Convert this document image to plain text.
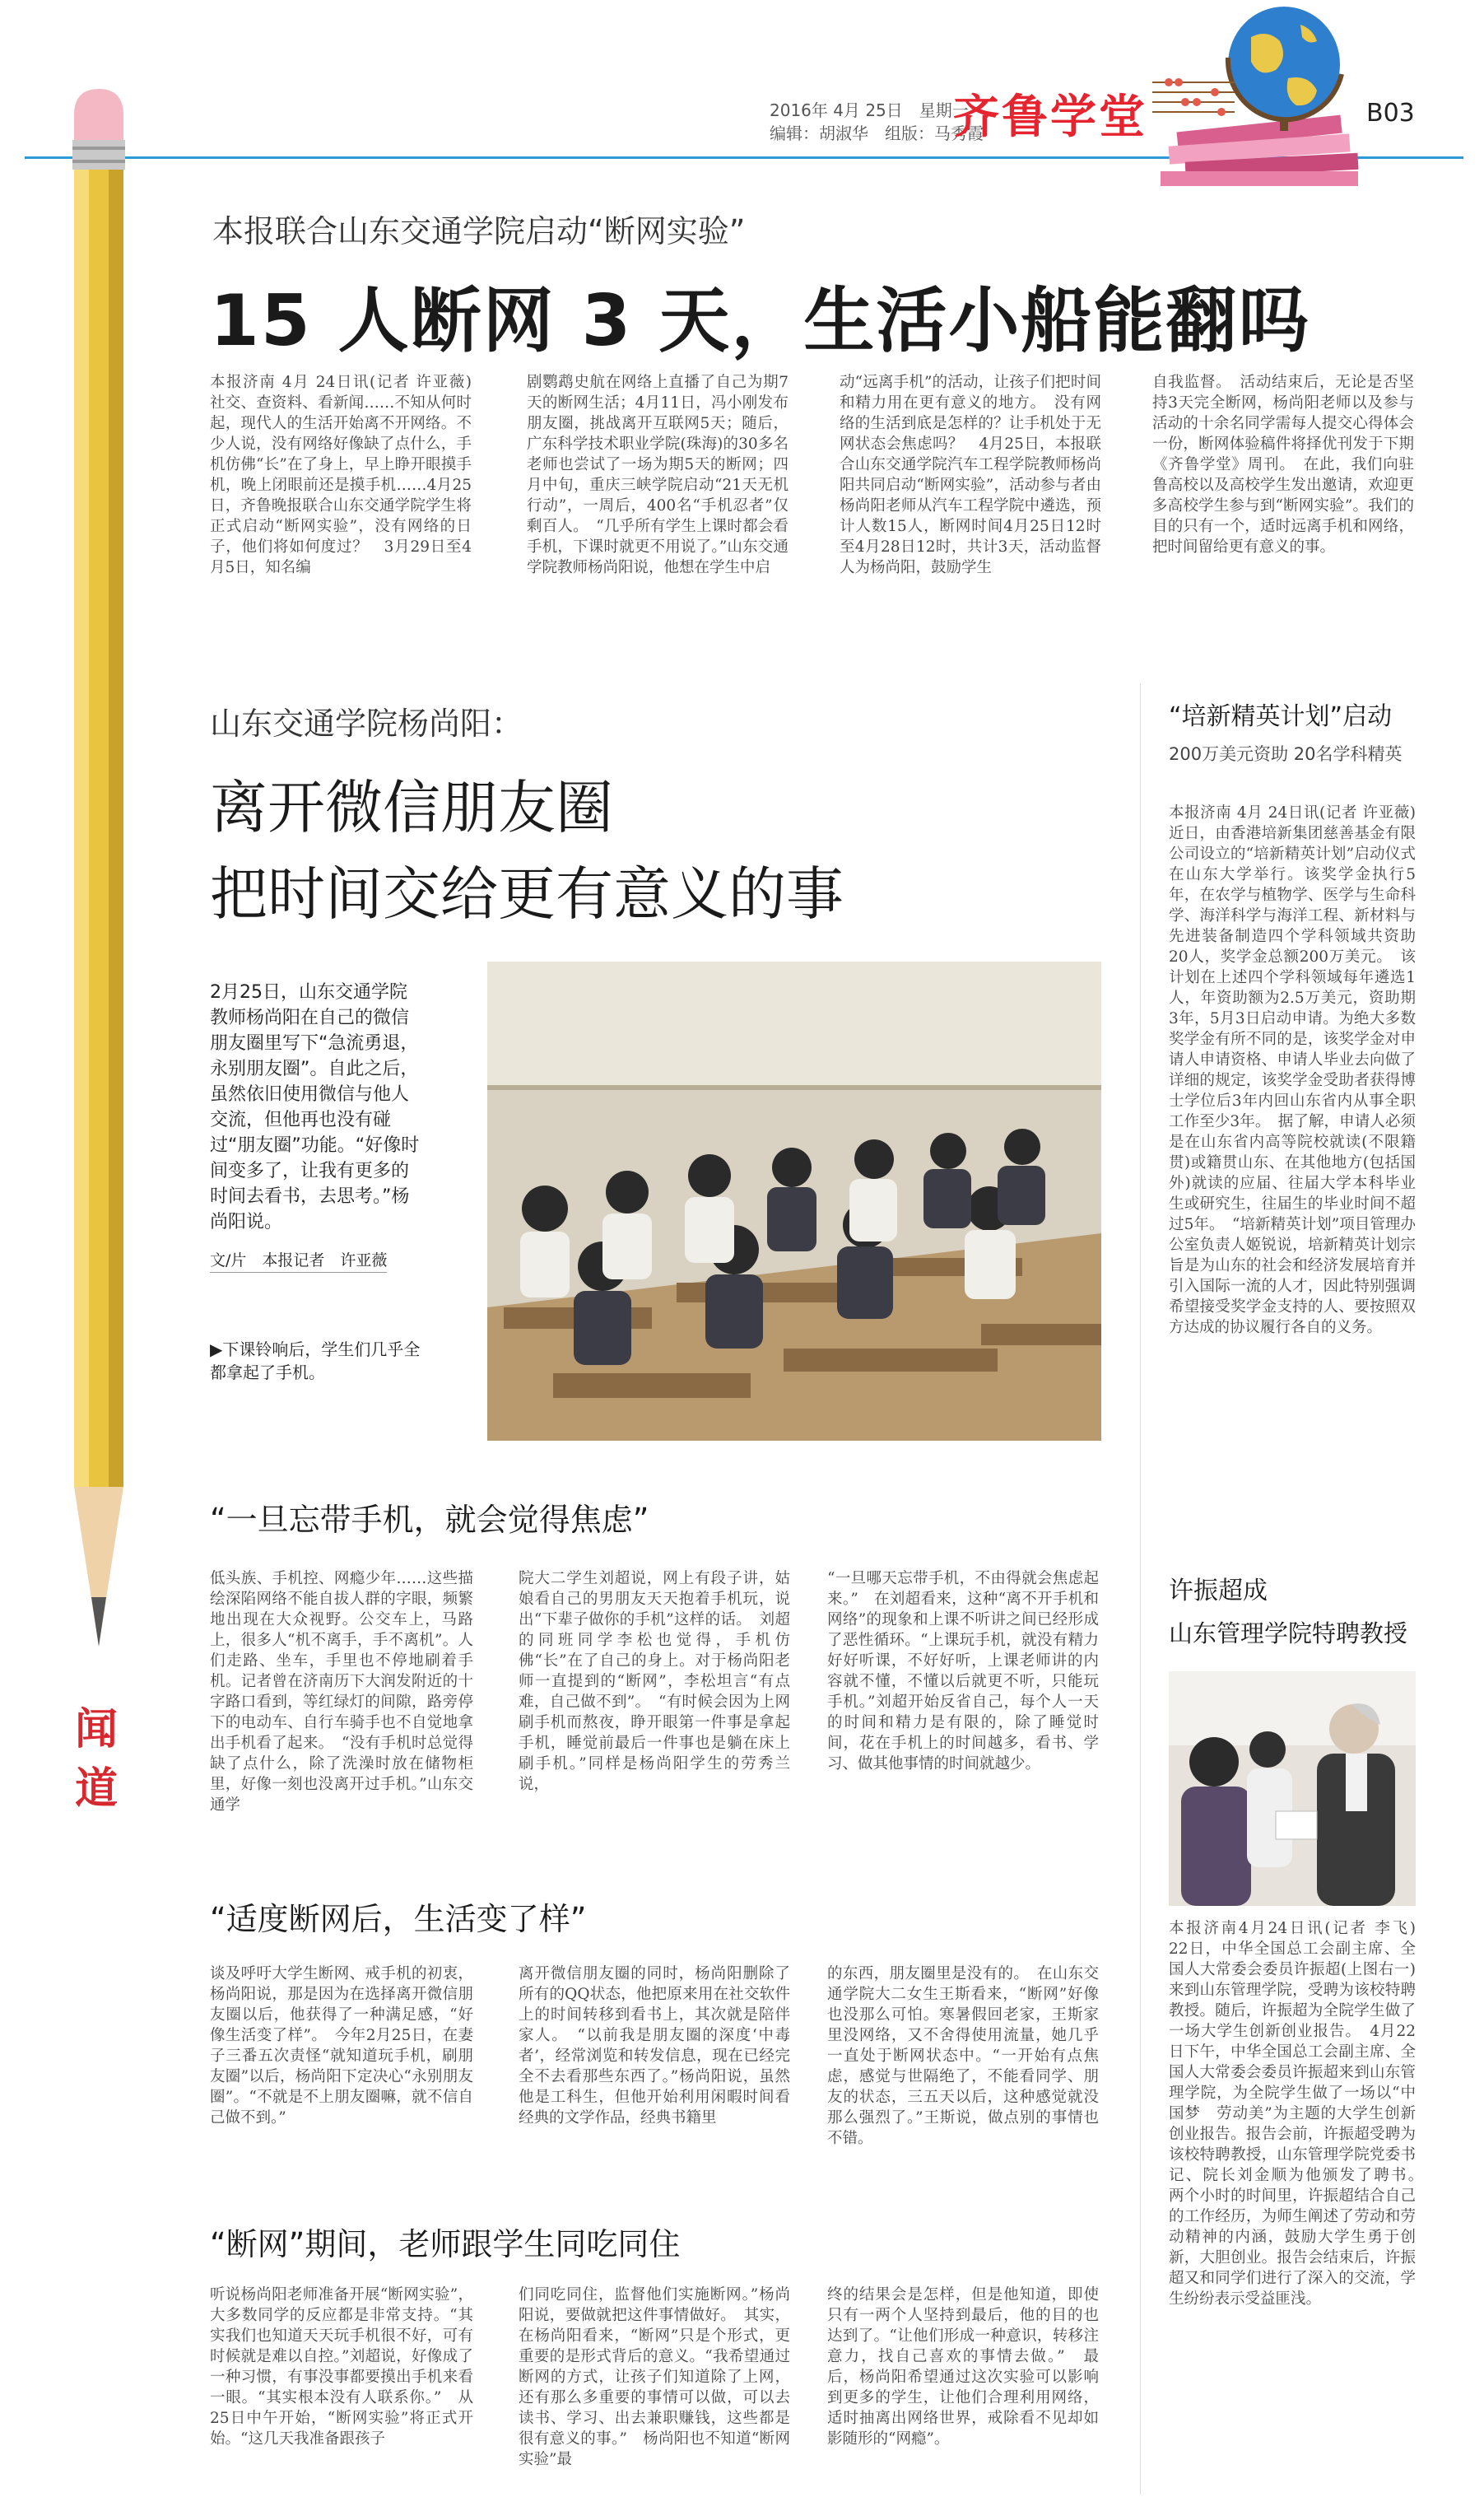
2016年 4月 25日　星期一
编辑：胡淑华　组版：马秀霞
齐鲁学堂	B03
闻道
本报联合山东交通学院启动“断网实验”
15 人断网 3 天，生活小船能翻吗
本报济南 4月 24日讯(记者 许亚薇)　社交、查资料、看新闻……不知从何时起，现代人的生活开始离不开网络。不少人说，没有网络好像缺了点什么，手机仿佛“长”在了身上，早上睁开眼摸手机，晚上闭眼前还是摸手机……4月25日，齐鲁晚报联合山东交通学院学生将正式启动“断网实验”，没有网络的日子，他们将如何度过？　3月29日至4月5日，知名编
剧鹦鹉史航在网络上直播了自己为期7天的断网生活；4月11日，冯小刚发布朋友圈，挑战离开互联网5天；随后，广东科学技术职业学院(珠海)的30多名老师也尝试了一场为期5天的断网；四月中旬，重庆三峡学院启动“21天无机行动”，一周后，400名“手机忍者”仅剩百人。　“几乎所有学生上课时都会看手机，下课时就更不用说了。”山东交通学院教师杨尚阳说，他想在学生中启
动“远离手机”的活动，让孩子们把时间和精力用在更有意义的地方。　没有网络的生活到底是怎样的？让手机处于无网状态会焦虑吗？　4月25日，本报联合山东交通学院汽车工程学院教师杨尚阳共同启动“断网实验”，活动参与者由杨尚阳老师从汽车工程学院中遴选，预计人数15人，断网时间4月25日12时至4月28日12时，共计3天，活动监督人为杨尚阳，鼓励学生
自我监督。　活动结束后，无论是否坚持3天完全断网，杨尚阳老师以及参与活动的十余名同学需每人提交心得体会一份，断网体验稿件将择优刊发于下期《齐鲁学堂》周刊。　在此，我们向驻鲁高校以及高校学生发出邀请，欢迎更多高校学生参与到“断网实验”。我们的目的只有一个，适时远离手机和网络，把时间留给更有意义的事。
山东交通学院杨尚阳：
离开微信朋友圈
把时间交给更有意义的事
2月25日，山东交通学院教师杨尚阳在自己的微信朋友圈里写下“急流勇退，永别朋友圈”。自此之后，虽然依旧使用微信与他人交流，但他再也没有碰过“朋友圈”功能。“好像时间变多了，让我有更多的时间去看书，去思考。”杨尚阳说。
文/片　本报记者　许亚薇
▶下课铃响后，学生们几乎全都拿起了手机。
“一旦忘带手机，就会觉得焦虑”
低头族、手机控、网瘾少年……这些描绘深陷网络不能自拔人群的字眼，频繁地出现在大众视野。公交车上，马路上，很多人“机不离手，手不离机”。人们走路、坐车，手里也不停地刷着手机。记者曾在济南历下大润发附近的十字路口看到，等红绿灯的间隙，路旁停下的电动车、自行车骑手也不自觉地拿出手机看了起来。　“没有手机时总觉得缺了点什么，除了洗澡时放在储物柜里，好像一刻也没离开过手机。”山东交通学
院大二学生刘超说，网上有段子讲，姑娘看自己的男朋友天天抱着手机玩，说出“下辈子做你的手机”这样的话。　刘超的同班同学李松也觉得，手机仿佛“长”在了自己的身上。对于杨尚阳老师一直提到的“断网”，李松坦言“有点难，自己做不到”。　“有时候会因为上网刷手机而熬夜，睁开眼第一件事是拿起手机，睡觉前最后一件事也是躺在床上刷手机。”同样是杨尚阳学生的劳秀兰说，
“一旦哪天忘带手机，不由得就会焦虑起来。”　在刘超看来，这种“离不开手机和网络”的现象和上课不听讲之间已经形成了恶性循环。“上课玩手机，就没有精力好好听课，不好好听，上课老师讲的内容就不懂，不懂以后就更不听，只能玩手机。”刘超开始反省自己，每个人一天的时间和精力是有限的，除了睡觉时间，花在手机上的时间越多，看书、学习、做其他事情的时间就越少。
“适度断网后，生活变了样”
谈及呼吁大学生断网、戒手机的初衷，杨尚阳说，那是因为在选择离开微信朋友圈以后，他获得了一种满足感，“好像生活变了样”。　今年2月25日，在妻子三番五次责怪“就知道玩手机，刷朋友圈”以后，杨尚阳下定决心“永别朋友圈”。“不就是不上朋友圈嘛，就不信自己做不到。”
离开微信朋友圈的同时，杨尚阳删除了所有的QQ状态，他把原来用在社交软件上的时间转移到看书上，其次就是陪伴家人。　“以前我是朋友圈的深度‘中毒者’，经常浏览和转发信息，现在已经完全不去看那些东西了。”杨尚阳说，虽然他是工科生，但他开始利用闲暇时间看经典的文学作品，经典书籍里
的东西，朋友圈里是没有的。　在山东交通学院大二女生王斯看来，“断网”好像也没那么可怕。寒暑假回老家，王斯家里没网络，又不舍得使用流量，她几乎一直处于断网状态中。“一开始有点焦虑，感觉与世隔绝了，不能看同学、朋友的状态，三五天以后，这种感觉就没那么强烈了。”王斯说，做点别的事情也不错。
“断网”期间，老师跟学生同吃同住
听说杨尚阳老师准备开展“断网实验”，大多数同学的反应都是非常支持。“其实我们也知道天天玩手机很不好，可有时候就是难以自控。”刘超说，好像成了一种习惯，有事没事都要摸出手机来看一眼。“其实根本没有人联系你。”　从25日中午开始，“断网实验”将正式开始。“这几天我准备跟孩子
们同吃同住，监督他们实施断网。”杨尚阳说，要做就把这件事情做好。　其实，在杨尚阳看来，“断网”只是个形式，更重要的是形式背后的意义。“我希望通过断网的方式，让孩子们知道除了上网，还有那么多重要的事情可以做，可以去读书、学习、出去兼职赚钱，这些都是很有意义的事。”　杨尚阳也不知道“断网实验”最
终的结果会是怎样，但是他知道，即使只有一两个人坚持到最后，他的目的也达到了。“让他们形成一种意识，转移注意力，找自己喜欢的事情去做。”　最后，杨尚阳希望通过这次实验可以影响到更多的学生，让他们合理利用网络，适时抽离出网络世界，戒除看不见却如影随形的“网瘾”。
“培新精英计划”启动
200万美元资助 20名学科精英
本报济南 4月 24日讯(记者 许亚薇)　近日，由香港培新集团慈善基金有限公司设立的“培新精英计划”启动仪式在山东大学举行。该奖学金执行5年，在农学与植物学、医学与生命科学、海洋科学与海洋工程、新材料与先进装备制造四个学科领域共资助20人，奖学金总额200万美元。　该计划在上述四个学科领域每年遴选1人，年资助额为2.5万美元，资助期3年，5月3日启动申请。为绝大多数奖学金有所不同的是，该奖学金对申请人申请资格、申请人毕业去向做了详细的规定，该奖学金受助者获得博士学位后3年内回山东省内从事全职工作至少3年。　据了解，申请人必须是在山东省内高等院校就读(不限籍贯)或籍贯山东、在其他地方(包括国外)就读的应届、往届大学本科毕业生或研究生，往届生的毕业时间不超过5年。　“培新精英计划”项目管理办公室负责人姬锐说，培新精英计划宗旨是为山东的社会和经济发展培育并引入国际一流的人才，因此特别强调希望接受奖学金支持的人、要按照双方达成的协议履行各自的义务。
许振超成
山东管理学院特聘教授
本报济南4月24日讯(记者 李飞)　22日，中华全国总工会副主席、全国人大常委会委员许振超(上图右一)来到山东管理学院，受聘为该校特聘教授。随后，许振超为全院学生做了一场大学生创新创业报告。　4月22日下午，中华全国总工会副主席、全国人大常委会委员许振超来到山东管理学院，为全院学生做了一场以“中国梦　劳动美”为主题的大学生创新创业报告。报告会前，许振超受聘为该校特聘教授，山东管理学院党委书记、院长刘金顺为他颁发了聘书。　两个小时的时间里，许振超结合自己的工作经历，为师生阐述了劳动和劳动精神的内涵，鼓励大学生勇于创新，大胆创业。报告会结束后，许振超又和同学们进行了深入的交流，学生纷纷表示受益匪浅。
